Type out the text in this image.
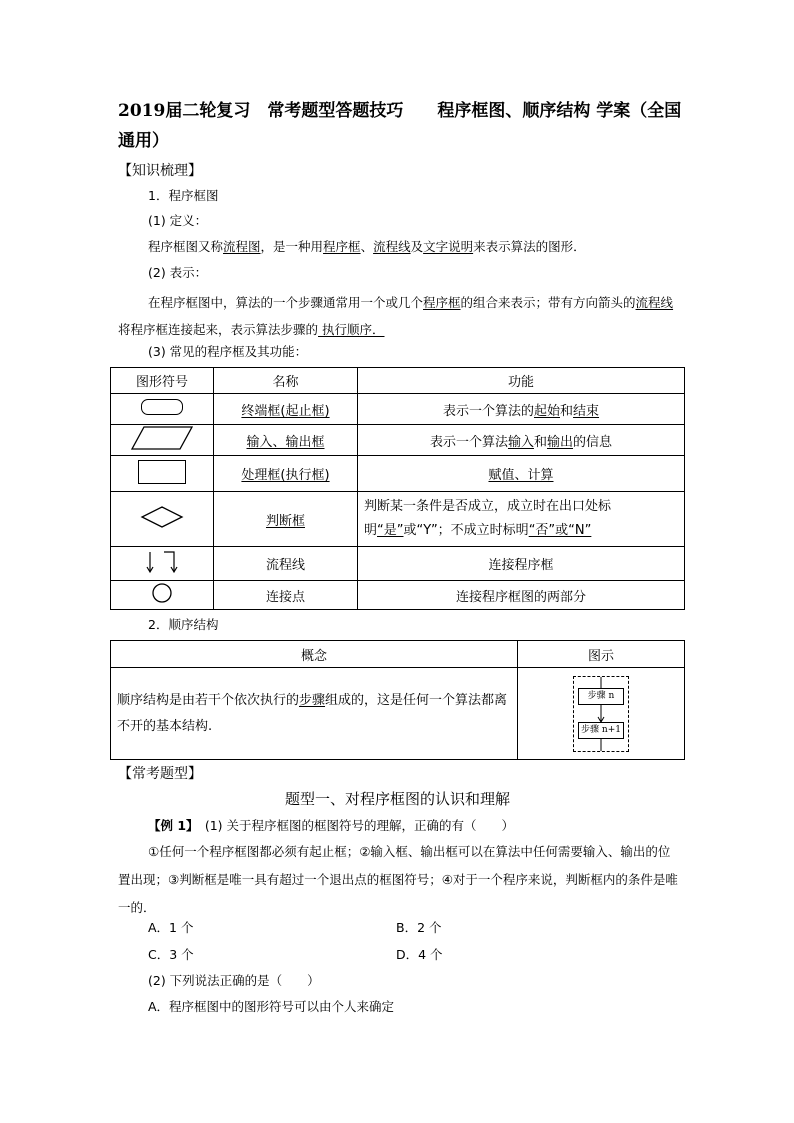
2019届二轮复习　常考题型答题技巧　　程序框图、顺序结构 学案（全国通用）
【知识梳理】
1．程序框图
(1) 定义：
程序框图又称流程图，是一种用程序框、流程线及文字说明来表示算法的图形．
(2) 表示：
在程序框图中，算法的一个步骤通常用一个或几个程序框的组合来表示；带有方向箭头的流程线将程序框连接起来，表示算法步骤的 执行顺序．
(3) 常见的程序框及其功能：
图形符号	名称	功能
	终端框(起止框)	表示一个算法的起始和结束
	输入、输出框	表示一个算法输入和输出的信息
	处理框(执行框)	赋值、计算
	判断框	判断某一条件是否成立，成立时在出口处标明“是”或“Y”；不成立时标明“否”或“N”
	流程线	连接程序框
	连接点	连接程序框图的两部分
2．顺序结构
概念	图示
顺序结构是由若干个依次执行的步骤组成的，这是任何一个算法都离不开的基本结构.	步骤 n
步骤 n+1
【常考题型】
题型一、对程序框图的认识和理解
【例 1】　 (1) 关于程序框图的框图符号的理解，正确的有（　　）
①任何一个程序框图都必须有起止框；②输入框、输出框可以在算法中任何需要输入、输出的位置出现；③判断框是唯一具有超过一个退出点的框图符号；④对于一个程序来说，判断框内的条件是唯一的．
A．1 个	B．2 个
C．3 个	D．4 个
(2) 下列说法正确的是（　　）
A．程序框图中的图形符号可以由个人来确定
